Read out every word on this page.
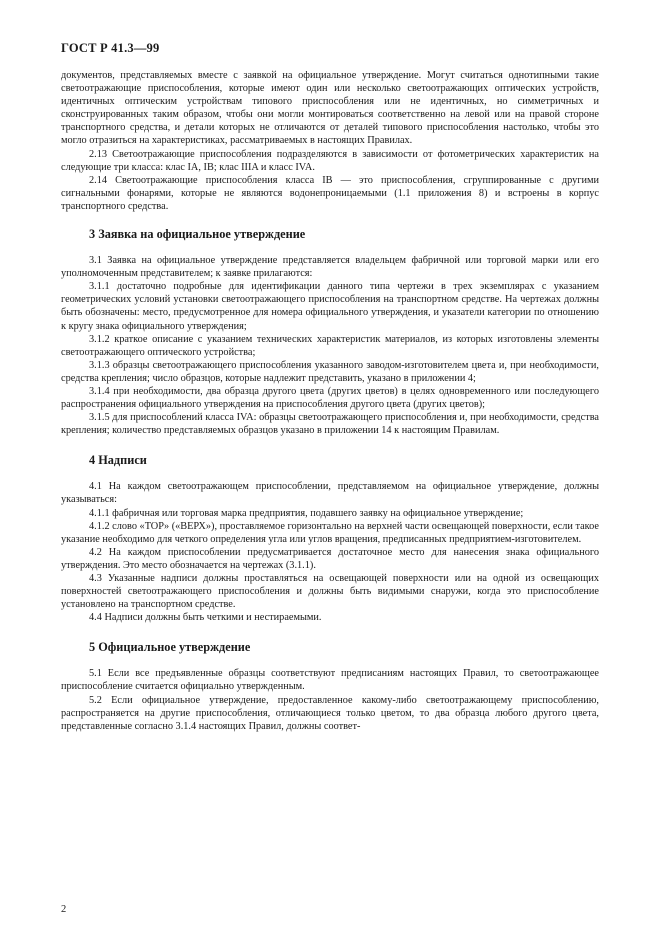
ГОСТ Р 41.3—99

документов, представляемых вместе с заявкой на официальное утверждение. Могут считаться однотипными такие светоотражающие приспособления, которые имеют один или несколько светоотражающих оптических устройств, идентичных оптическим устройствам типового приспособления или не идентичных, но симметричных и сконструированных таким образом, чтобы они могли монтироваться соответственно на левой или на правой стороне транспортного средства, и детали которых не отличаются от деталей типового приспособления настолько, чтобы это могло отразиться на характеристиках, рассматриваемых в настоящих Правилах.

2.13 Светоотражающие приспособления подразделяются в зависимости от фотометрических характеристик на следующие три класса: клас IA, IB; клас IIIA и класс IVA.

2.14 Светоотражающие приспособления класса IB — это приспособления, сгруппированные с другими сигнальными фонарями, которые не являются водонепроницаемыми (1.1 приложения 8) и встроены в корпус транспортного средства.

3 Заявка на официальное утверждение

3.1 Заявка на официальное утверждение представляется владельцем фабричной или торговой марки или его уполномоченным представителем; к заявке прилагаются:

3.1.1 достаточно подробные для идентификации данного типа чертежи в трех экземплярах с указанием геометрических условий установки светоотражающего приспособления на транспортном средстве. На чертежах должны быть обозначены: место, предусмотренное для номера официального утверждения, и указатели категории по отношению к кругу знака официального утверждения;

3.1.2 краткое описание с указанием технических характеристик материалов, из которых изготовлены элементы светоотражающего оптического устройства;

3.1.3 образцы светоотражающего приспособления указанного заводом-изготовителем цвета и, при необходимости, средства крепления; число образцов, которые надлежит представить, указано в приложении 4;

3.1.4 при необходимости, два образца другого цвета (других цветов) в целях одновременного или последующего распространения официального утверждения на приспособления другого цвета (других цветов);

3.1.5 для приспособлений класса IVA: образцы светоотражающего приспособления и, при необходимости, средства крепления; количество представляемых образцов указано в приложении 14 к настоящим Правилам.

4 Надписи

4.1 На каждом светоотражающем приспособлении, представляемом на официальное утверждение, должны указываться:

4.1.1 фабричная или торговая марка предприятия, подавшего заявку на официальное утверждение;

4.1.2 слово «TOP» («ВЕРХ»), проставляемое горизонтально на верхней части освещающей поверхности, если такое указание необходимо для четкого определения угла или углов вращения, предписанных предприятием-изготовителем.

4.2 На каждом приспособлении предусматривается достаточное место для нанесения знака официального утверждения. Это место обозначается на чертежах (3.1.1).

4.3 Указанные надписи должны проставляться на освещающей поверхности или на одной из освещающих поверхностей светоотражающего приспособления и должны быть видимыми снаружи, когда это приспособление установлено на транспортном средстве.

4.4 Надписи должны быть четкими и нестираемыми.

5 Официальное утверждение

5.1 Если все предъявленные образцы соответствуют предписаниям настоящих Правил, то светоотражающее приспособление считается официально утвержденным.

5.2 Если официальное утверждение, предоставленное какому-либо светоотражающему приспособлению, распространяется на другие приспособления, отличающиеся только цветом, то два образца любого другого цвета, представленные согласно 3.1.4 настоящих Правил, должны соответ-

2
